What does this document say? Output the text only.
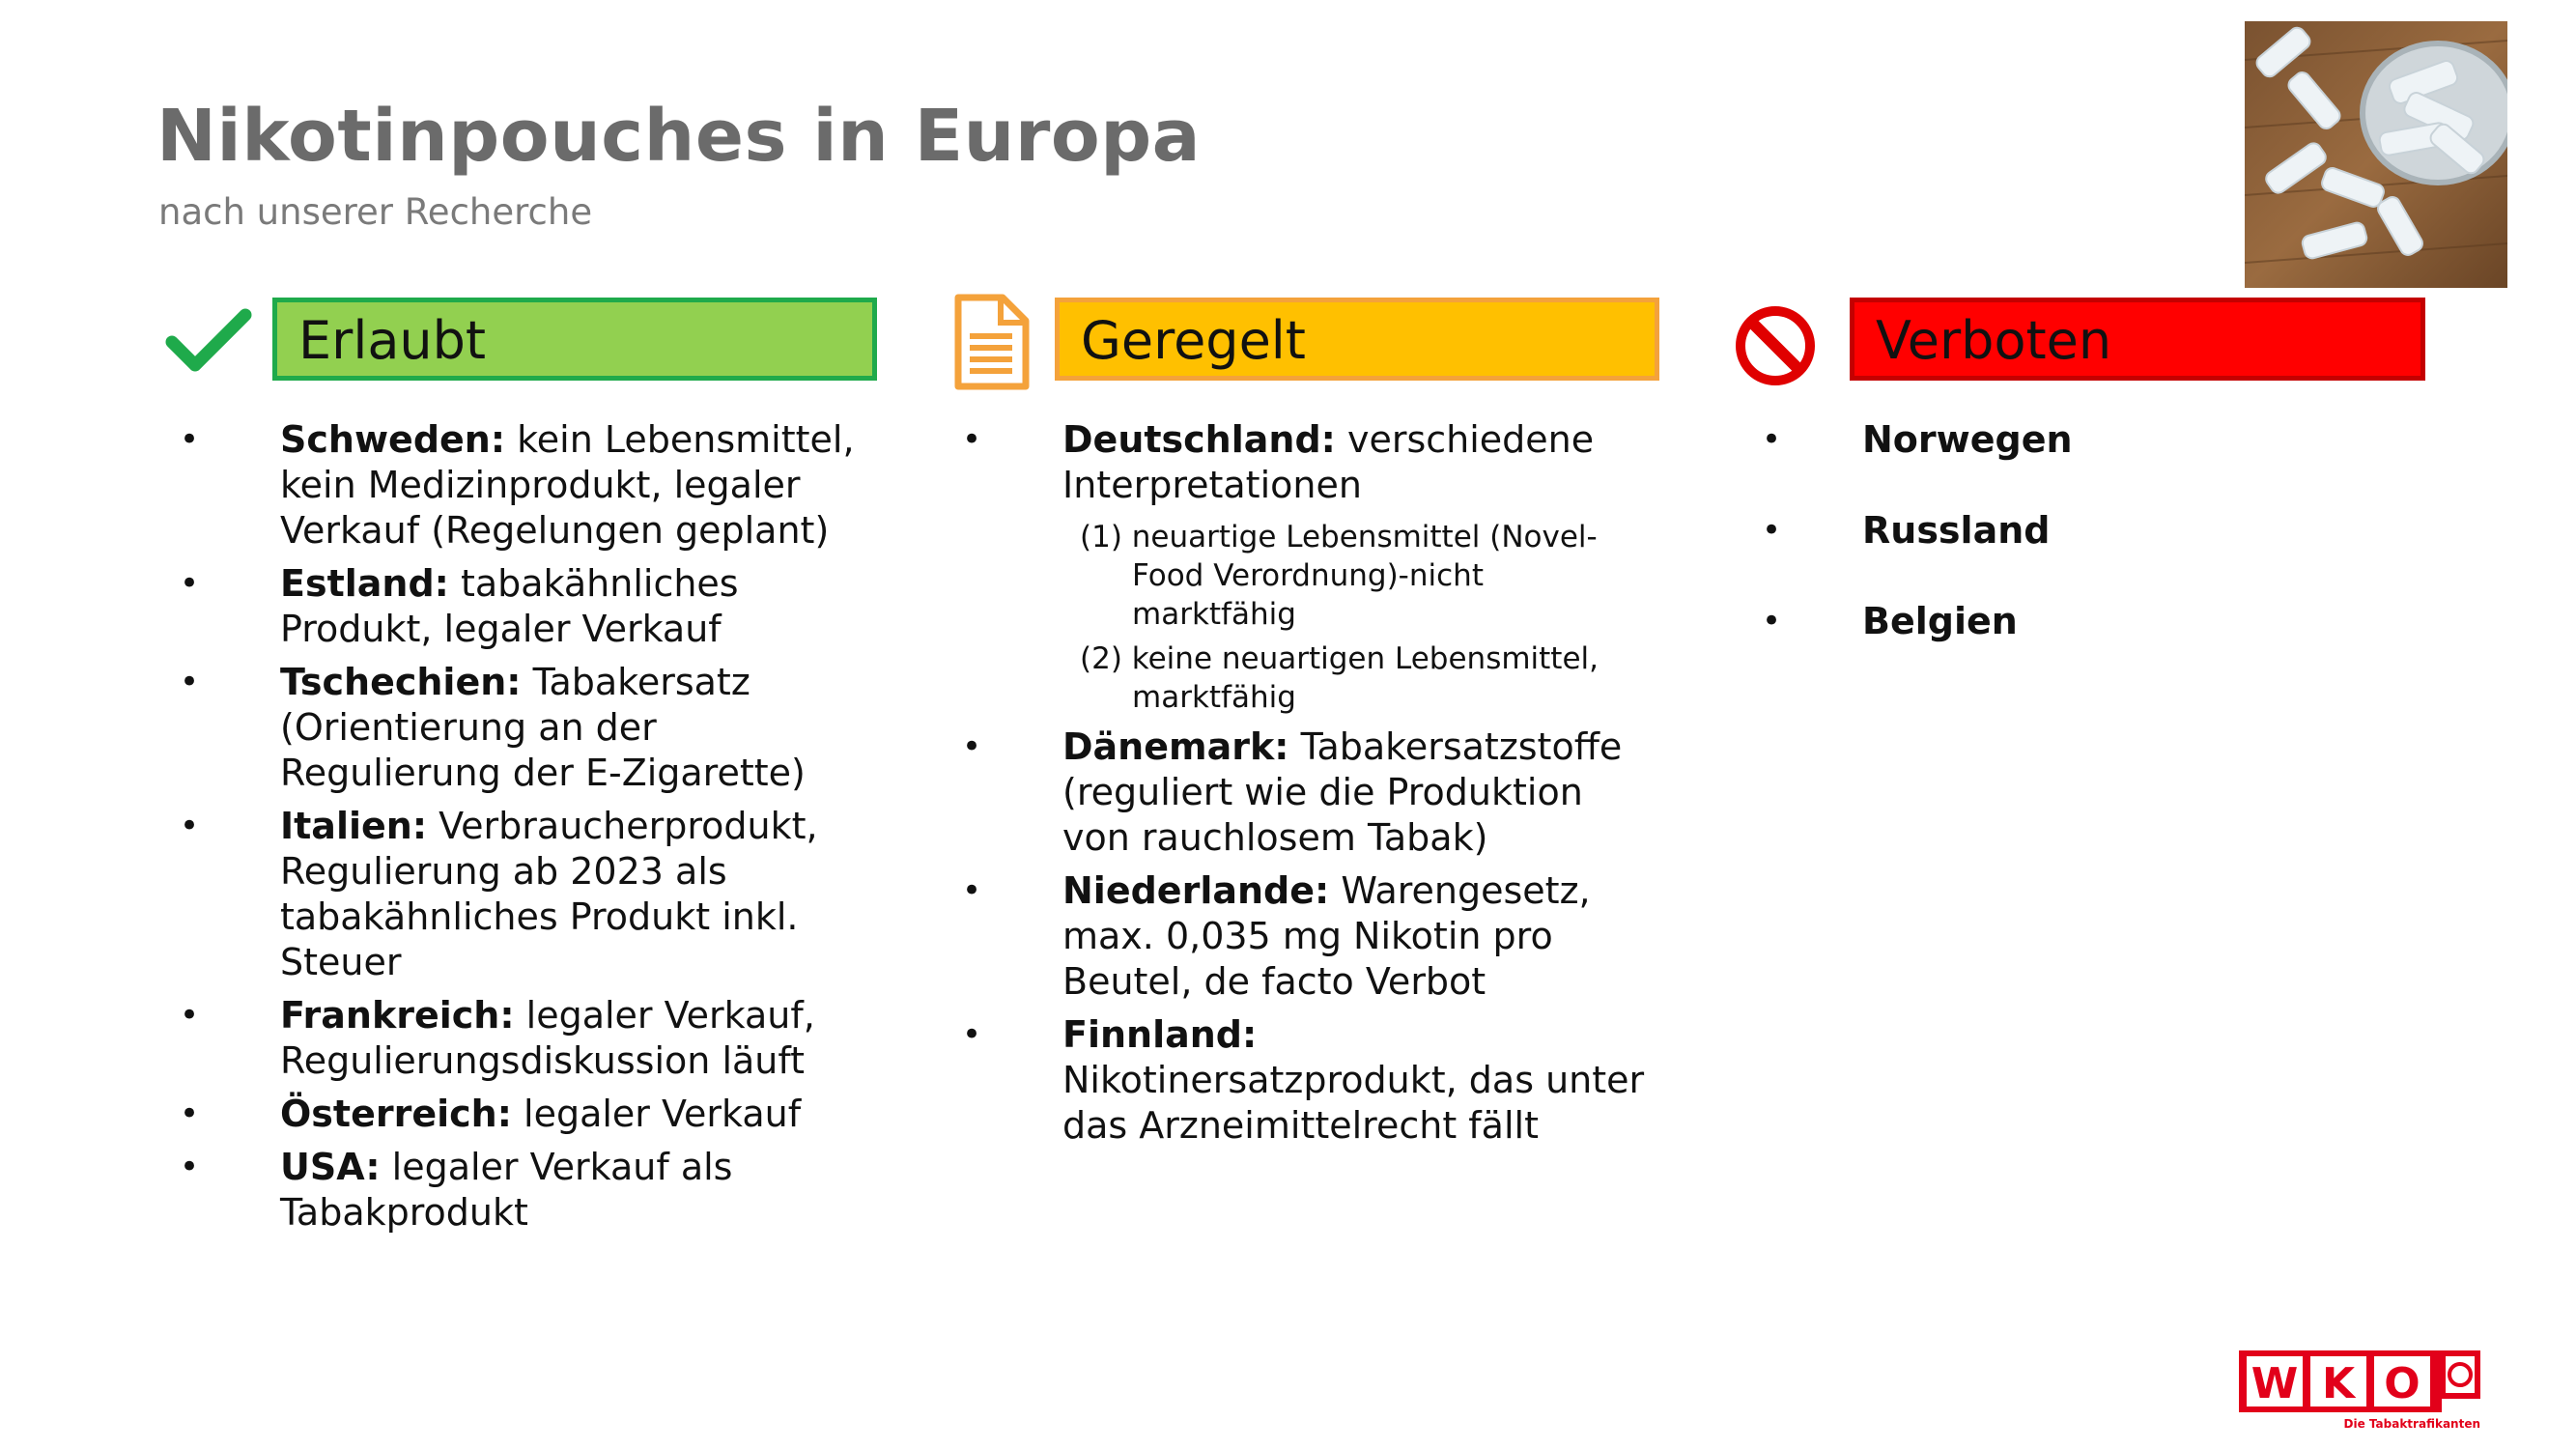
Nikotinpouches in Europa
nach unserer Recherche
Erlaubt	Geregelt	Verboten
• Schweden: kein Lebensmittel, kein Medizinprodukt, legaler Verkauf (Regelungen geplant)
• Estland: tabakähnliches Produkt, legaler Verkauf
• Tschechien: Tabakersatz (Orientierung an der Regulierung der E-Zigarette)
• Italien: Verbraucherprodukt, Regulierung ab 2023 als tabakähnliches Produkt inkl. Steuer
• Frankreich: legaler Verkauf, Regulierungsdiskussion läuft
• Österreich: legaler Verkauf
• USA: legaler Verkauf als Tabakprodukt
• Deutschland: verschiedene Interpretationen
(1) neuartige Lebensmittel (Novel-Food Verordnung)-nicht marktfähig
(2) keine neuartigen Lebensmittel, marktfähig
• Dänemark: Tabakersatzstoffe (reguliert wie die Produktion von rauchlosem Tabak)
• Niederlande: Warengesetz, max. 0,035 mg Nikotin pro Beutel, de facto Verbot
• Finnland: Nikotinersatzprodukt, das unter das Arzneimittelrecht fällt
• Norwegen
• Russland
• Belgien
W K O
Die Tabaktrafikanten
